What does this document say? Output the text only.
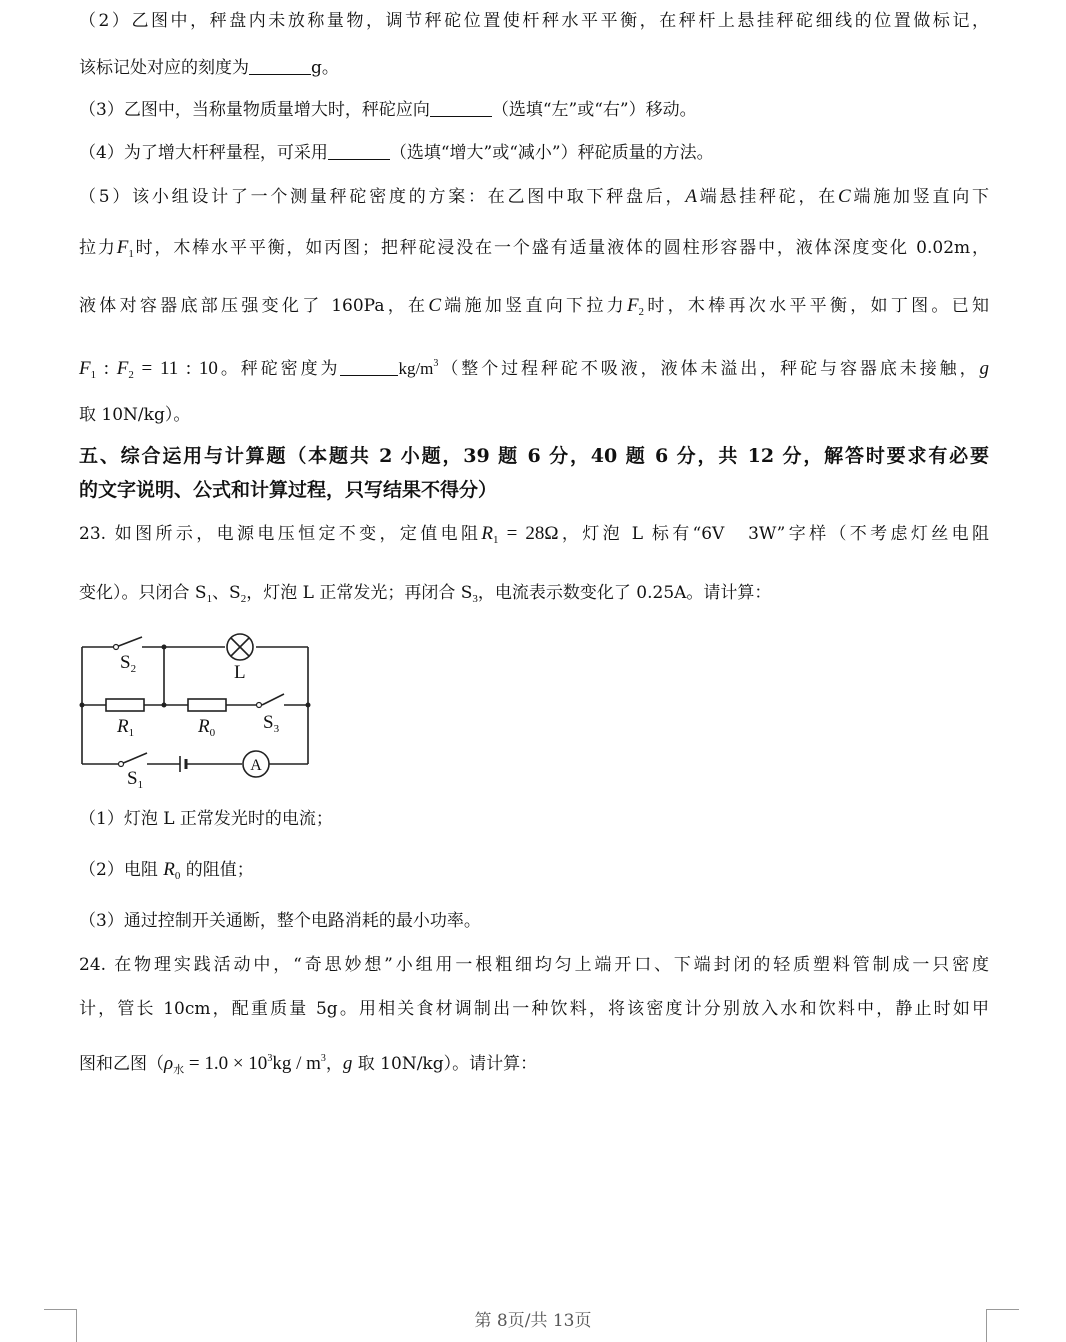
（2）乙图中，秤盘内未放称量物，调节秤砣位置使杆秤水平平衡，在秤杆上悬挂秤砣细线的位置做标记，
该标记处对应的刻度为	g。
（3）乙图中，当称量物质量增大时，秤砣应向	（选填“左”或“右”）移动。
（4）为了增大杆秤量程，可采用	（选填“增大”或“减小”）秤砣质量的方法。
（5）该小组设计了一个测量秤砣密度的方案：在乙图中取下秤盘后，A端悬挂秤砣，在C端施加竖直向下
拉力$F_1$时，木棒水平平衡，如丙图；把秤砣浸没在一个盛有适量液体的圆柱形容器中，液体深度变化 0.02m，
液体对容器底部压强变化了 160Pa，在C端施加竖直向下拉力$F_2$时，木棒再次水平平衡，如丁图。已知
$F_1$ : $F_2 = 11$ : 10。秤砣密度为	$kg/m^3$（整个过程秤砣不吸液，液体未溢出，秤砣与容器底未接触，g
取 10N/kg）。
五、综合运用与计算题（本题共 2 小题，39 题 6 分，40 题 6 分，共 12 分，解答时要求有必要
的文字说明、公式和计算过程，只写结果不得分）
23. 如图所示，电源电压恒定不变，定值电阻$R_1 = 28\Omega$，灯泡 L 标有“6V　3W”字样（不考虑灯丝电阻
变化）。只闭合 $S_1$、$S_2$，灯泡 L 正常发光；再闭合 $S_3$，电流表示数变化了 0.25A。请计算：
$S_2$	L
$R_1$	$R_0$	$S_3$
$S_1$
A
（1）灯泡 L 正常发光时的电流；
（2）电阻 $R_0$ 的阻值；
（3）通过控制开关通断，整个电路消耗的最小功率。
24. 在物理实践活动中，“奇思妙想”小组用一根粗细均匀上端开口、下端封闭的轻质塑料管制成一只密度
计，管长 10cm，配重质量 5g。用相关食材调制出一种饮料，将该密度计分别放入水和饮料中，静止时如甲
图和乙图（$\rho_水 = 1.0 \times 10^3kg / m^3$，g 取 10N/kg）。请计算：
第 8页/共 13页
